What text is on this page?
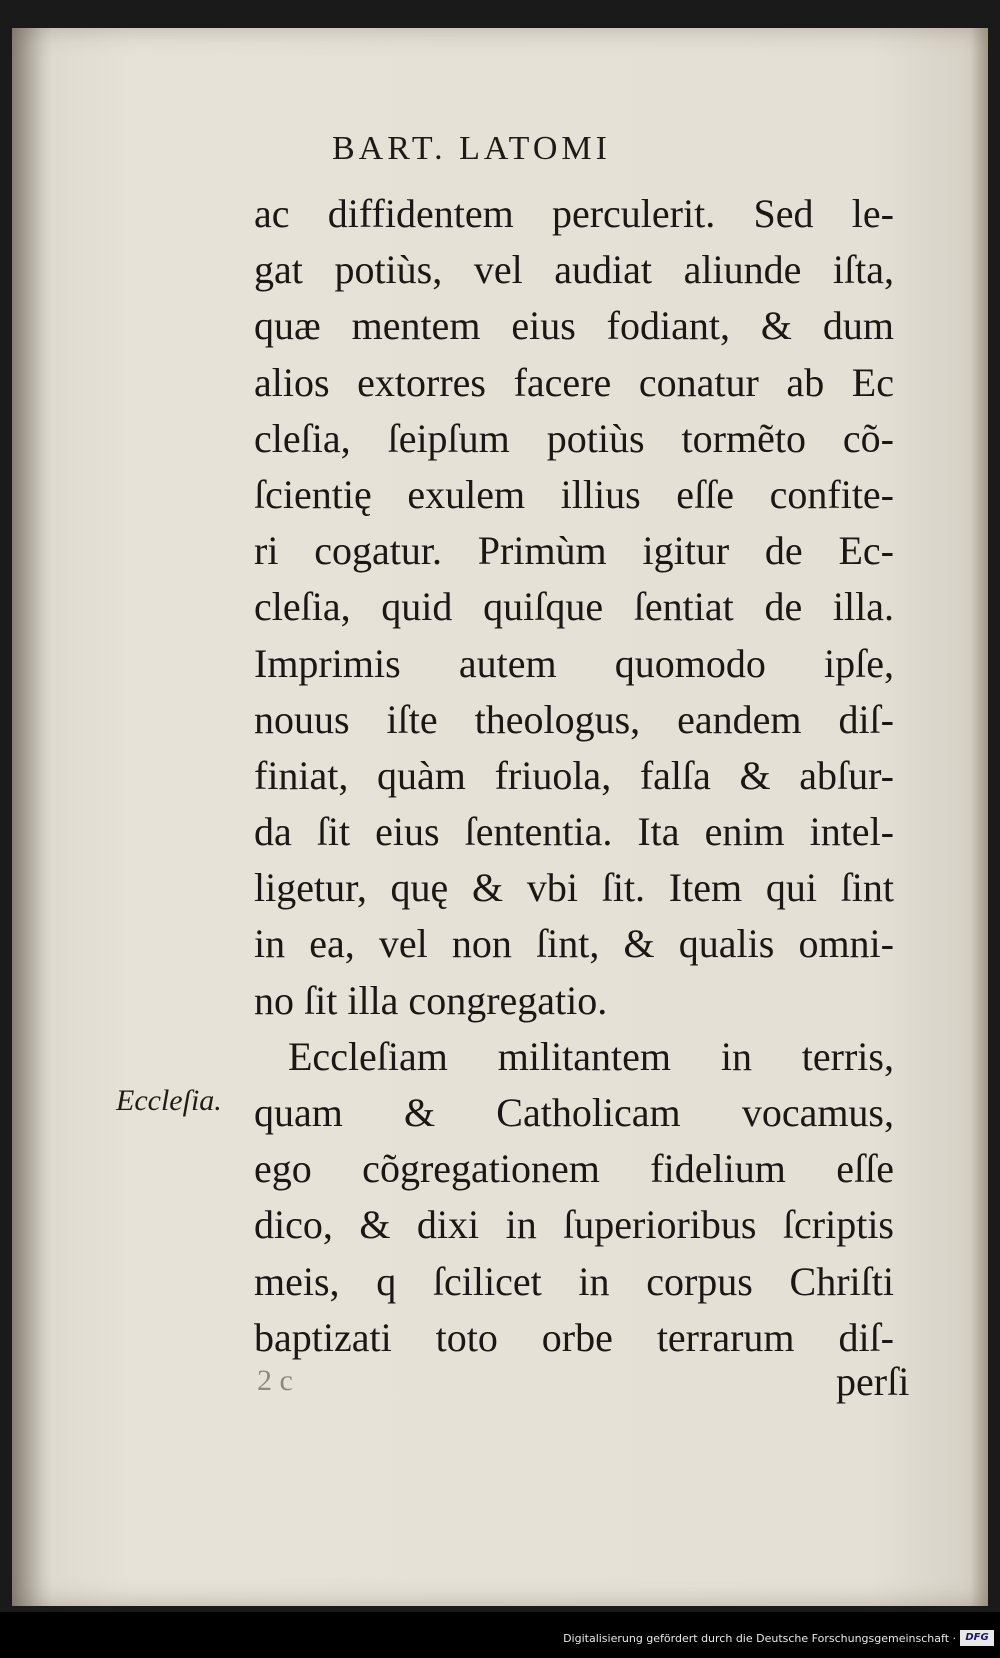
BART. LATOMI
ac diffidentem perculerit. Sed le-
gat potiùs, vel audiat aliunde iſta,
quæ mentem eius fodiant, & dum
alios extorres facere conatur ab Ec
cleſia, ſeipſum potiùs tormẽto cõ-
ſcientię exulem illius eſſe confite-
ri cogatur. Primùm igitur de Ec-
cleſia, quid quiſque ſentiat de illa.
Imprimis autem quomodo ipſe,
nouus iſte theologus, eandem diſ-
finiat, quàm friuola, falſa & abſur-
da ſit eius ſententia. Ita enim intel-
ligetur, quę & vbi ſit. Item qui ſint
in ea, vel non ſint, & qualis omni-
no ſit illa congregatio.
Eccleſiam militantem in terris,
quam & Catholicam vocamus,
ego cõgregationem fidelium eſſe
dico, & dixi in ſuperioribus ſcriptis
meis, q ſcilicet in corpus Chriſti
baptizati toto orbe terrarum diſ-
Eccleſia.
2 c	perſi
Digitalisierung gefördert durch die Deutsche Forschungsgemeinschaft · DFG
